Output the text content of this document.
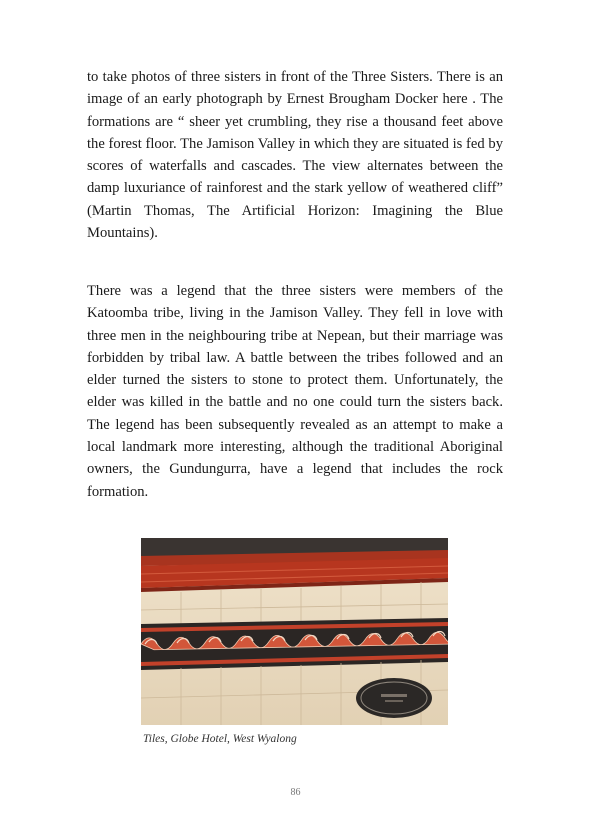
to take photos of three sisters in front of the Three Sisters. There is an image of an early photograph by Ernest Brougham Docker here . The formations are “ sheer yet crumbling, they rise a thousand feet above the forest floor. The Jamison Valley in which they are situated is fed by scores of waterfalls and cascades. The view alternates between the damp luxuriance of rainforest and the stark yellow of weathered cliff” (Martin Thomas, The Artificial Horizon: Imagining the Blue Mountains).

There was a legend that the three sisters were members of the Katoomba tribe, living in the Jamison Valley. They fell in love with three men in the neighbouring tribe at Nepean, but their marriage was forbidden by tribal law. A battle between the tribes followed and an elder turned the sisters to stone to protect them. Unfortunately, the elder was killed in the battle and no one could turn the sisters back. The legend has been subsequently revealed as an attempt to make a local landmark more interesting, although the traditional Aboriginal owners, the Gundungurra, have a legend that includes the rock formation.

Tiles, Globe Hotel, West Wyalong

86
